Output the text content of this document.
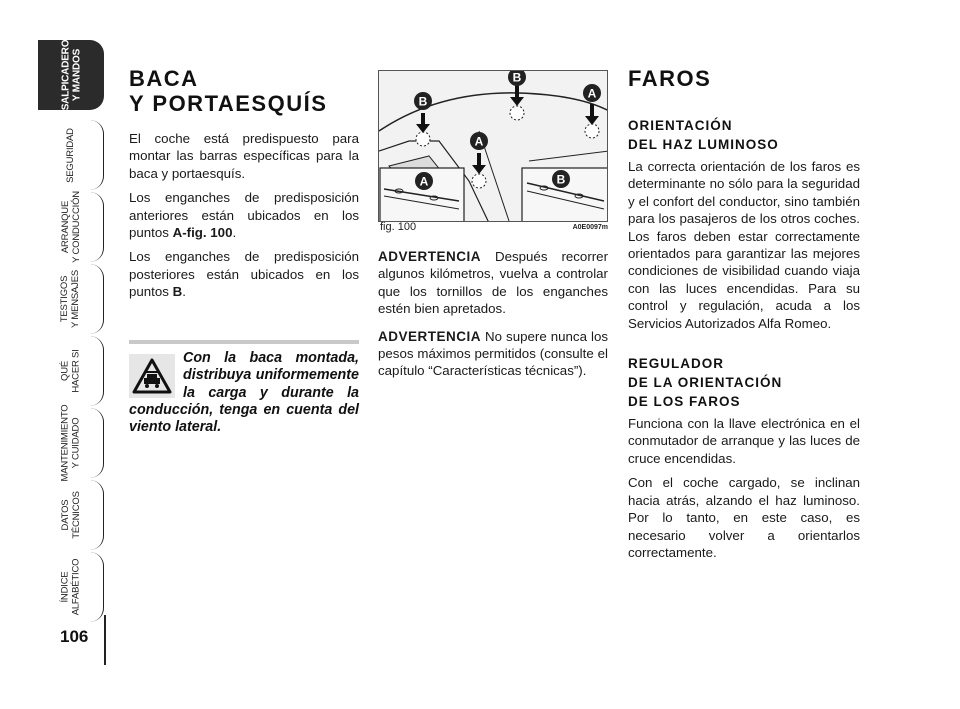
SALPICADERO
Y MANDOS
SEGURIDAD
ARRANQUE
Y CONDUCCIÓN
TESTIGOS
Y MENSAJES
QUÉ
HACER SI
MANTENIMIENTO
Y CUIDADO
DATOS
TÉCNICOS
ÍNDICE
ALFABÉTICO
106
BACA
Y PORTAESQUÍS

El coche está predispuesto para montar las barras específicas para la baca y portaesquís.

Los enganches de predisposición anteriores están ubicados en los puntos A-fig. 100.

Los enganches de predisposición posteriores están ubicados en los puntos B.

Con la baca montada, distribuya uniformemente la carga y durante la conducción, tenga en cuenta del viento lateral.
B
B
A
A
A	B
fig. 100	A0E0097m

ADVERTENCIA Después recorrer algunos kilómetros, vuelva a controlar que los tornillos de los enganches estén bien apretados.

ADVERTENCIA No supere nunca los pesos máximos permitidos (consulte el capítulo “Características técnicas”).

FAROS
ORIENTACIÓN
DEL HAZ LUMINOSO

La correcta orientación de los faros es determinante no sólo para la seguridad y el confort del conductor, sino también para los pasajeros de los otros coches. Los faros deben estar correctamente orientados para garantizar las mejores condiciones de visibilidad cuando viaja con las luces encendidas. Para su control y regulación, acuda a los Servicios Autorizados Alfa Romeo.

REGULADOR
DE LA ORIENTACIÓN
DE LOS FAROS

Funciona con la llave electrónica en el conmutador de arranque y las luces de cruce encendidas.

Con el coche cargado, se inclinan hacia atrás, alzando el haz luminoso. Por lo tanto, en este caso, es necesario volver a orientarlos correctamente.
